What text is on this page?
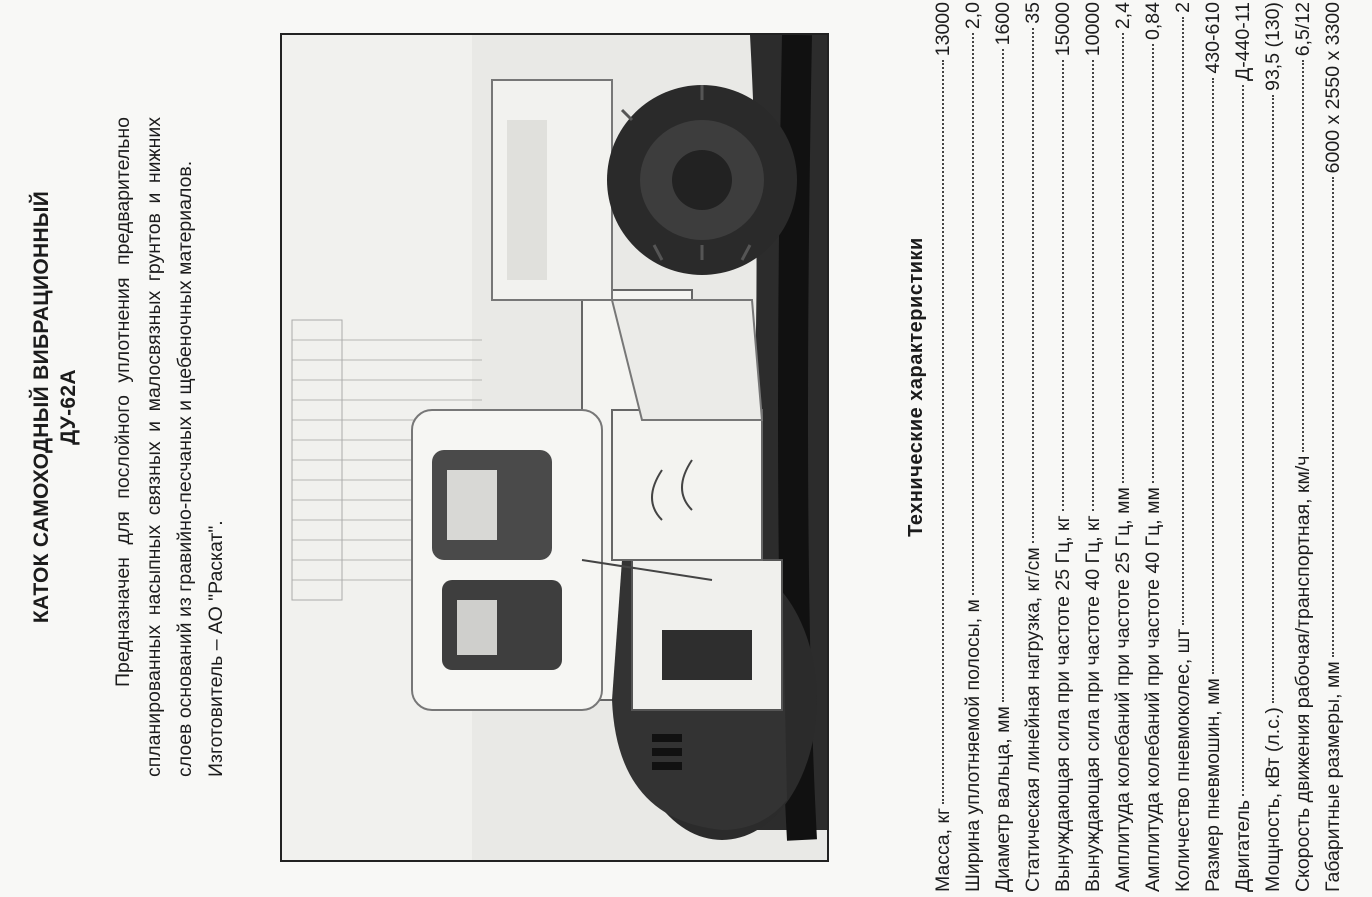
КАТОК САМОХОДНЫЙ ВИБРАЦИОННЫЙ ДУ-62А Предназначен для послойного уплотнения предварительно спланированных насыпных связных и малосвязных грунтов и нижних слоев оснований из гравийно-песчаных и щебеночных материалов. Изготовитель – АО "Раскат".
Технические характеристики
Масса, кг
13000
Ширина уплотняемой полосы, м
2,0
Диаметр вальца, мм
1600
Статическая линейная нагрузка, кг/см
35
Вынуждающая сила при частоте 25 Гц, кг
15000
Вынуждающая сила при частоте 40 Гц, кг
10000
Амплитуда колебаний при частоте 25 Гц, мм
2,4
Амплитуда колебаний при частоте 40 Гц, мм
0,84
Количество пневмоколес, шт
2
Размер пневмошин, мм
430-610
Двигатель
Д-440-11
Мощность, кВт (л.с.)
93,5 (130)
Скорость движения рабочая/транспортная, км/ч
6,5/12
Габаритные размеры, мм
6000 x 2550 x 3300
